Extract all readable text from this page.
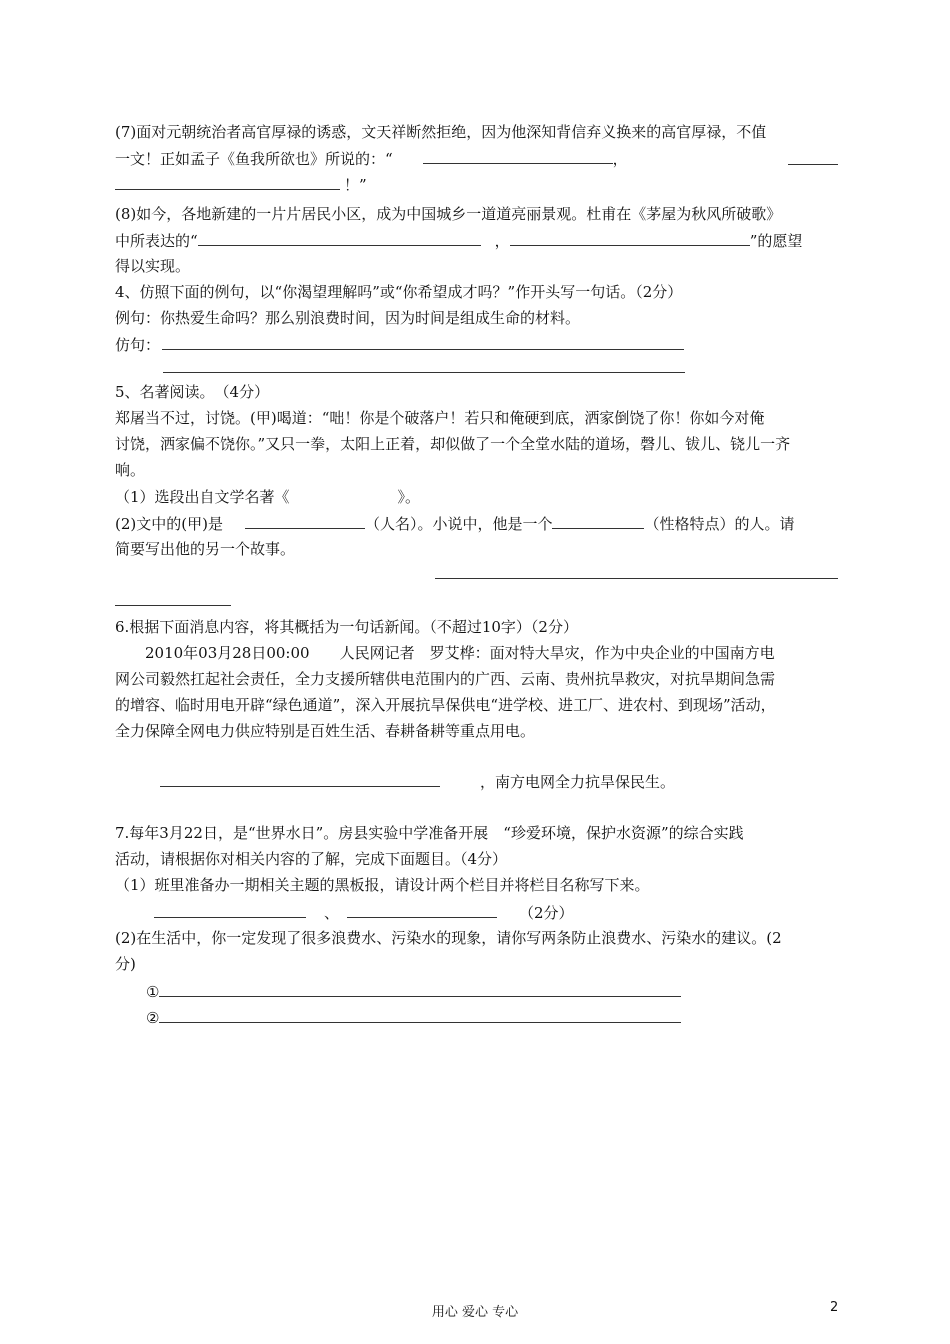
(7)面对元朝统治者高官厚禄的诱惑，文天祥断然拒绝，因为他深知背信弃义换来的高官厚禄，不值
一文！正如孟子《鱼我所欲也》所说的：“	，
！”
(8)如今，各地新建的一片片居民小区，成为中国城乡一道道亮丽景观。杜甫在《茅屋为秋风所破歌》
中所表达的“	，	”的愿望
得以实现。
4、仿照下面的例句，以“你渴望理解吗”或“你希望成才吗？”作开头写一句话。（2分）
例句：你热爱生命吗？那么别浪费时间，因为时间是组成生命的材料。
仿句：
5、名著阅读。　（4分）
郑屠当不过，讨饶。(甲)喝道：“咄！你是个破落户！若只和俺硬到底，洒家倒饶了你！你如今对俺
讨饶，洒家偏不饶你。”又只一拳，太阳上正着，却似做了一个全堂水陆的道场，磬儿、钹儿、铙儿一齐
响。
（1）选段出自文学名著《	》。
(2)文中的(甲)是	（人名）。小说中，他是一个	（性格特点）的人。请
简要写出他的另一个故事。
6.根据下面消息内容，将其概括为一句话新闻。（不超过10字）（2分）
　　2010年03月28日00:00　　人民网记者　罗艾桦：面对特大旱灾，作为中央企业的中国南方电
网公司毅然扛起社会责任，全力支援所辖供电范围内的广西、云南、贵州抗旱救灾，对抗旱期间急需
的增容、临时用电开辟“绿色通道”，深入开展抗旱保供电“进学校、进工厂、进农村、到现场”活动，
全力保障全网电力供应特别是百姓生活、春耕备耕等重点用电。
，南方电网全力抗旱保民生。
7.每年3月22日，是“世界水日”。房县实验中学准备开展　“珍爱环境，保护水资源”的综合实践
活动，请根据你对相关内容的了解，完成下面题目。（4分）
（1）班里准备办一期相关主题的黑板报，请设计两个栏目并将栏目名称写下来。
、	（2分）
(2)在生活中，你一定发现了很多浪费水、污染水的现象，请你写两条防止浪费水、污染水的建议。(2
分)
①
②
用心 爱心 专心	2
